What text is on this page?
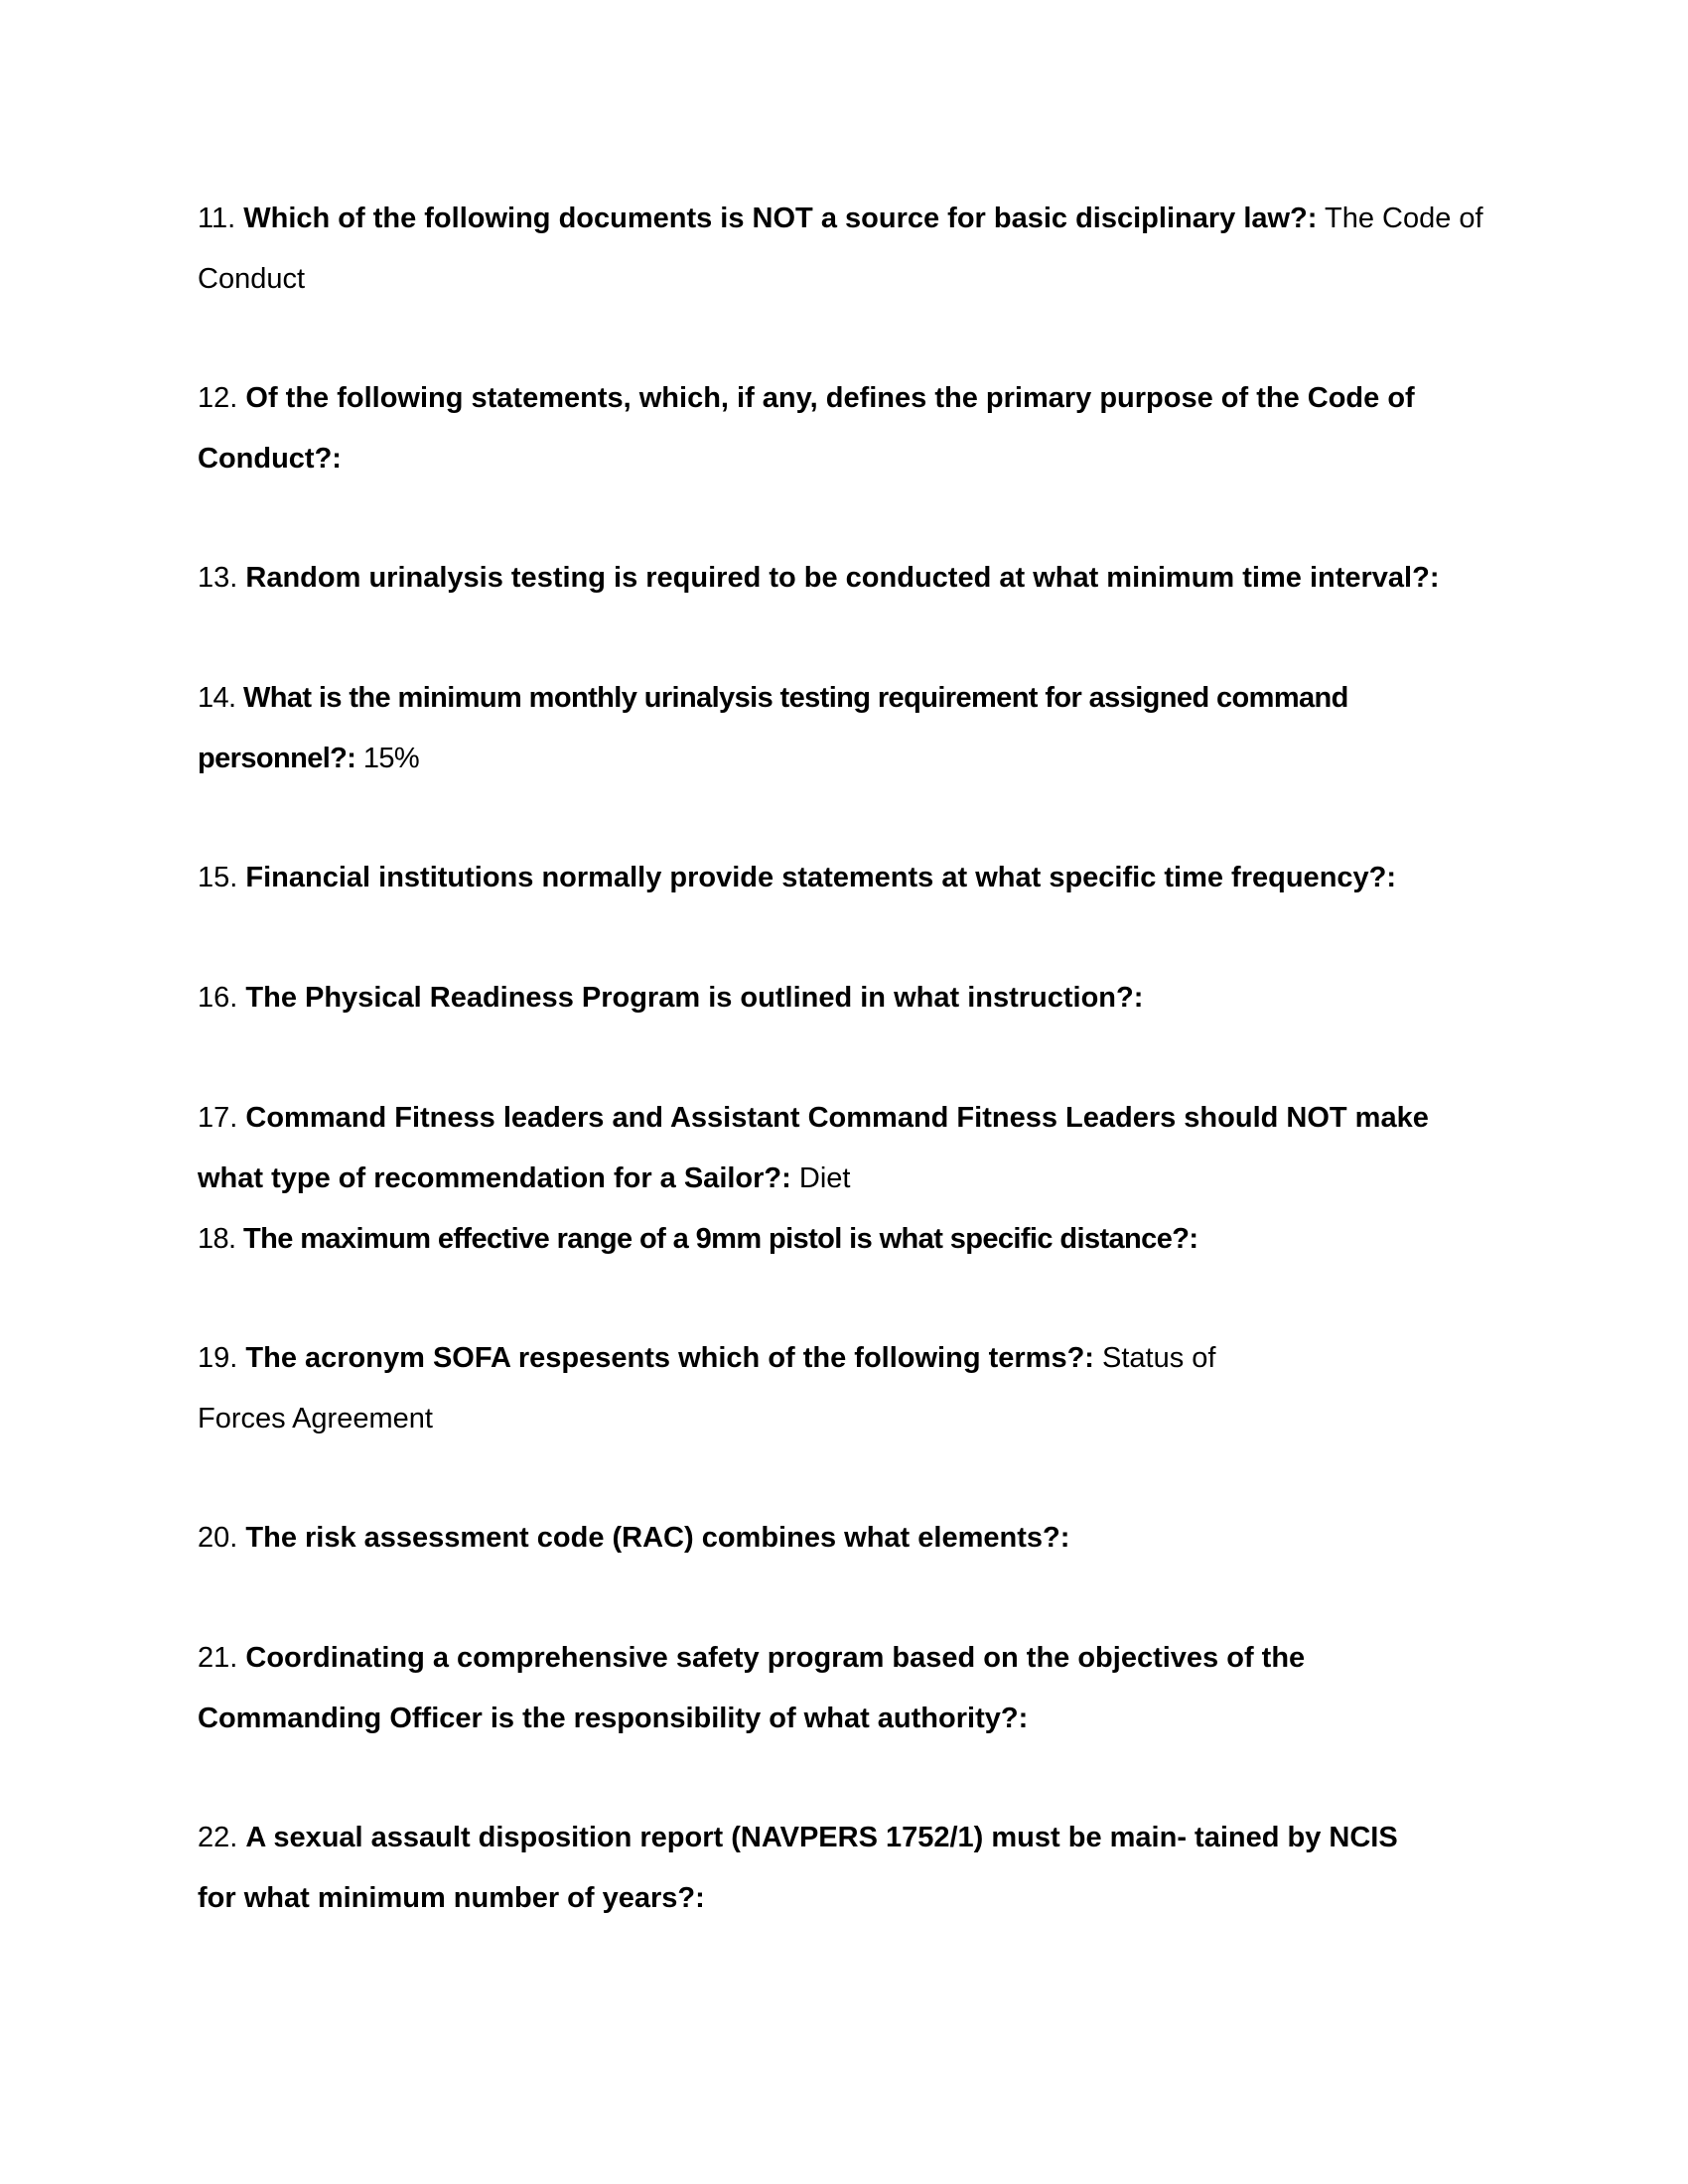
11. Which of the following documents is NOT a source for basic disciplinary law?: The Code of Conduct

12. Of the following statements, which, if any, defines the primary purpose of the Code of Conduct?:

13. Random urinalysis testing is required to be conducted at what minimum time interval?:

14. What is the minimum monthly urinalysis testing requirement for assigned command personnel?: 15%

15. Financial institutions normally provide statements at what specific time frequency?:

16. The Physical Readiness Program is outlined in what instruction?:

17. Command Fitness leaders and Assistant Command Fitness Leaders should NOT make what type of recommendation for a Sailor?: Diet

18. The maximum effective range of a 9mm pistol is what specific distance?:

19. The acronym SOFA respesents which of the following terms?: Status of Forces Agreement

20. The risk assessment code (RAC) combines what elements?:

21. Coordinating a comprehensive safety program based on the objectives of the Commanding Officer is the responsibility of what authority?:

22. A sexual assault disposition report (NAVPERS 1752/1) must be main- tained by NCIS for what minimum number of years?:
